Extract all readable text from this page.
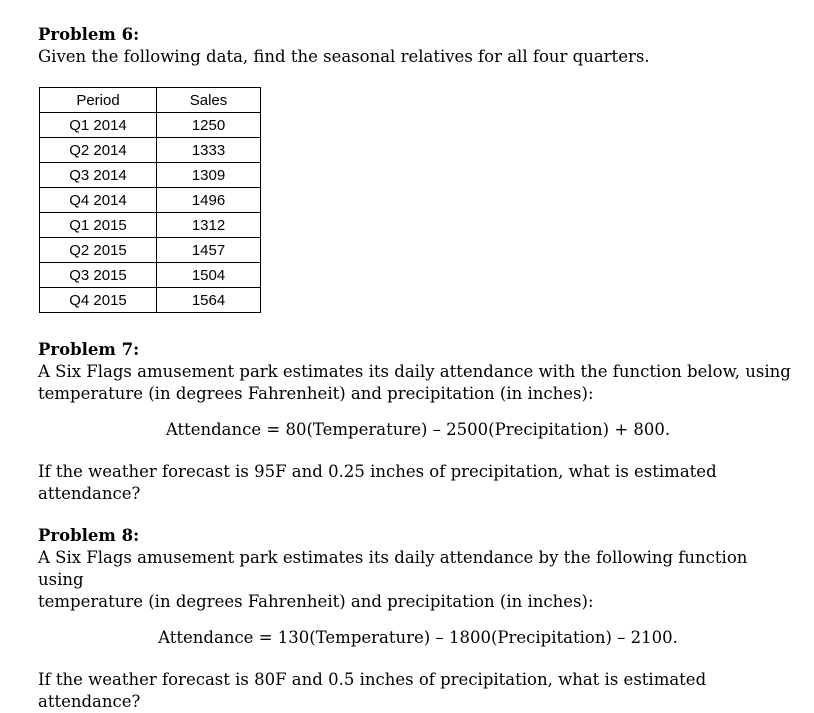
Problem 6:

Given the following data, find the seasonal relatives for all four quarters.

Period	Sales
Q1 2014	1250
Q2 2014	1333
Q3 2014	1309
Q4 2014	1496
Q1 2015	1312
Q2 2015	1457
Q3 2015	1504
Q4 2015	1564

Problem 7:

A Six Flags amusement park estimates its daily attendance with the function below, using

temperature (in degrees Fahrenheit) and precipitation (in inches):

Attendance = 80(Temperature) – 2500(Precipitation) + 800.

If the weather forecast is 95F and 0.25 inches of precipitation, what is estimated attendance?

Problem 8:

A Six Flags amusement park estimates its daily attendance by the following function using

temperature (in degrees Fahrenheit) and precipitation (in inches):

Attendance = 130(Temperature) – 1800(Precipitation) – 2100.

If the weather forecast is 80F and 0.5 inches of precipitation, what is estimated attendance?
